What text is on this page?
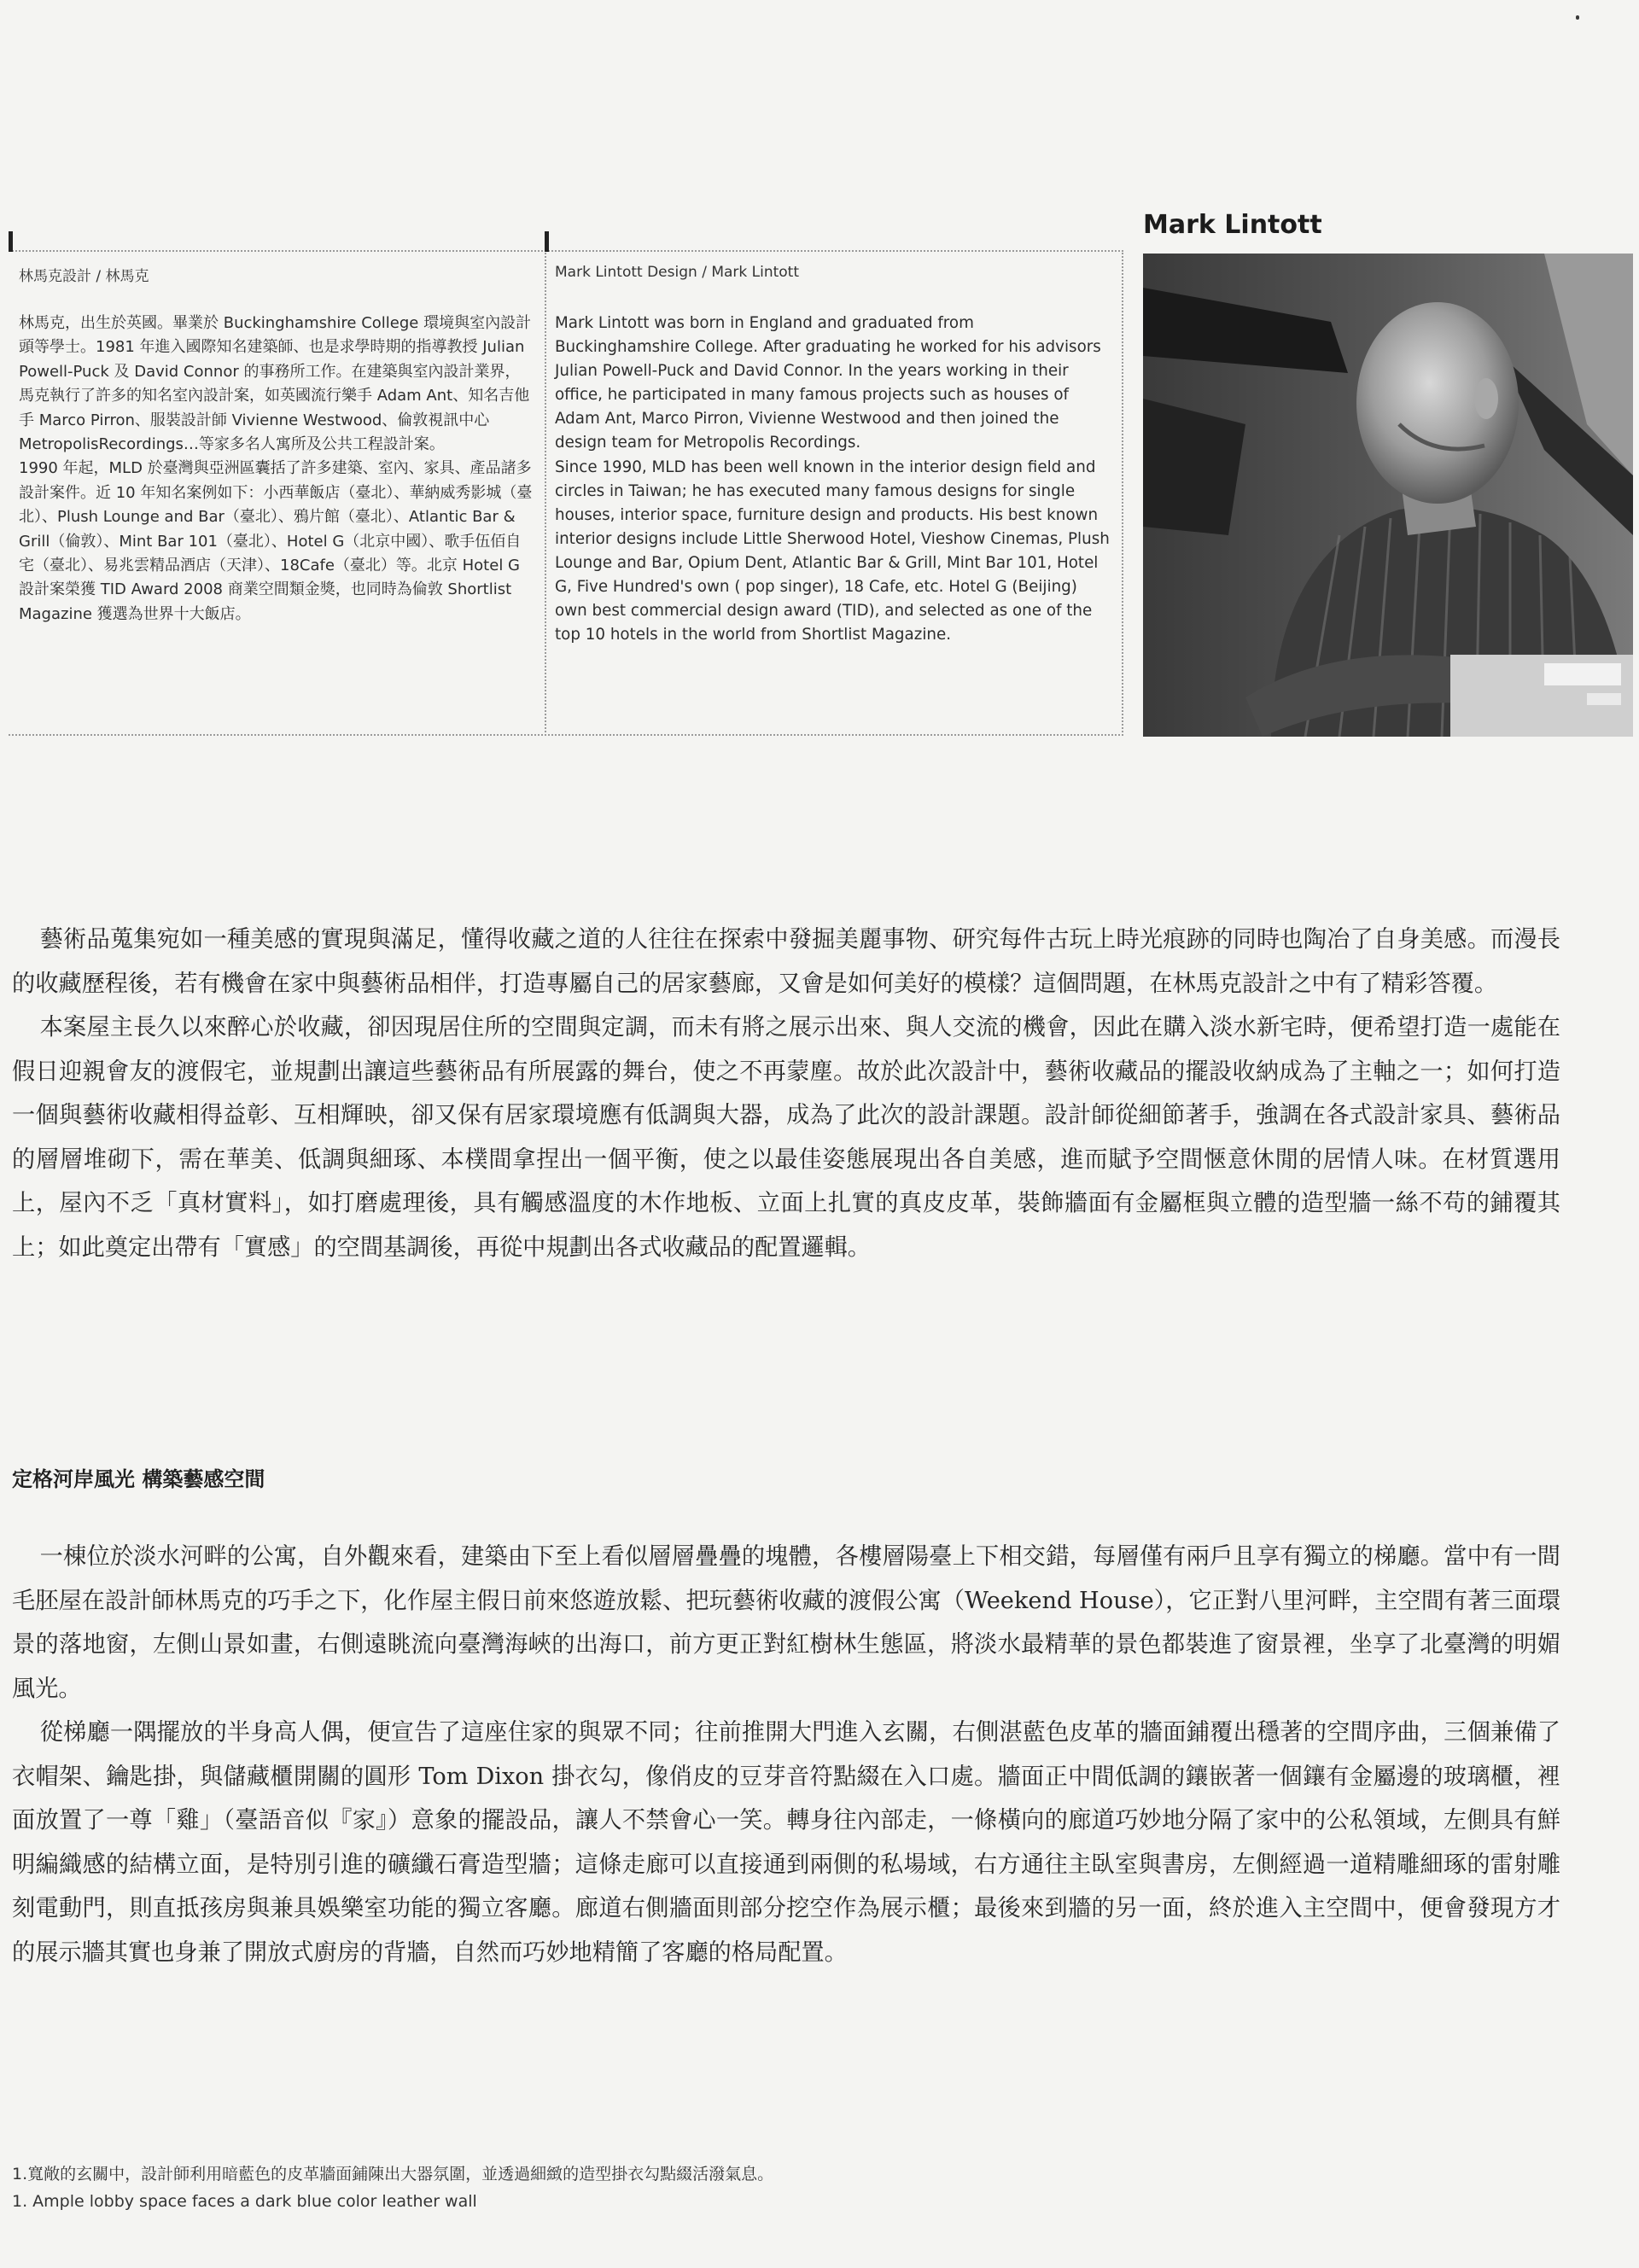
林馬克設計 / 林馬克

林馬克，出生於英國。畢業於 Buckinghamshire College 環境與室內設計頭等學士。1981 年進入國際知名建築師、也是求學時期的指導教授 Julian Powell-Puck 及 David Connor 的事務所工作。在建築與室內設計業界，馬克執行了許多的知名室內設計案，如英國流行樂手 Adam Ant、知名吉他手 Marco Pirron、服裝設計師 Vivienne Westwood、倫敦視訊中心 MetropolisRecordings…等家多名人寓所及公共工程設計案。

1990 年起，MLD 於臺灣與亞洲區囊括了許多建築、室內、家具、產品諸多設計案件。近 10 年知名案例如下：小西華飯店（臺北）、華納威秀影城（臺北）、Plush Lounge and Bar（臺北）、鴉片館（臺北）、Atlantic Bar & Grill（倫敦）、Mint Bar 101（臺北）、Hotel G（北京中國）、歌手伍佰自宅（臺北）、易兆雲精品酒店（天津）、18Cafe（臺北）等。北京 Hotel G 設計案榮獲 TID Award 2008 商業空間類金獎，也同時為倫敦 Shortlist Magazine 獲選為世界十大飯店。

Mark Lintott Design / Mark Lintott

Mark Lintott was born in England and graduated from Buckinghamshire College. After graduating he worked for his advisors Julian Powell-Puck and David Connor. In the years working in their office, he participated in many famous projects such as houses of Adam Ant, Marco Pirron, Vivienne Westwood and then joined the design team for Metropolis Recordings.

Since 1990, MLD has been well known in the interior design field and circles in Taiwan; he has executed many famous designs for single houses, interior space, furniture design and products. His best known interior designs include Little Sherwood Hotel, Vieshow Cinemas, Plush Lounge and Bar, Opium Dent, Atlantic Bar & Grill, Mint Bar 101, Hotel G, Five Hundred's own ( pop singer), 18 Cafe, etc. Hotel G (Beijing) own best commercial design award (TID), and selected as one of the top 10 hotels in the world from Shortlist Magazine.

Mark Lintott

藝術品蒐集宛如一種美感的實現與滿足，懂得收藏之道的人往往在探索中發掘美麗事物、研究每件古玩上時光痕跡的同時也陶冶了自身美感。而漫長的收藏歷程後，若有機會在家中與藝術品相伴，打造專屬自己的居家藝廊，又會是如何美好的模樣？這個問題，在林馬克設計之中有了精彩答覆。

本案屋主長久以來醉心於收藏，卻因現居住所的空間與定調，而未有將之展示出來、與人交流的機會，因此在購入淡水新宅時，便希望打造一處能在假日迎親會友的渡假宅，並規劃出讓這些藝術品有所展露的舞台，使之不再蒙塵。故於此次設計中，藝術收藏品的擺設收納成為了主軸之一；如何打造一個與藝術收藏相得益彰、互相輝映，卻又保有居家環境應有低調與大器，成為了此次的設計課題。設計師從細節著手，強調在各式設計家具、藝術品的層層堆砌下，需在華美、低調與細琢、本樸間拿捏出一個平衡，使之以最佳姿態展現出各自美感，進而賦予空間愜意休閒的居情人味。在材質選用上，屋內不乏「真材實料」，如打磨處理後，具有觸感溫度的木作地板、立面上扎實的真皮皮革，裝飾牆面有金屬框與立體的造型牆一絲不苟的鋪覆其上；如此奠定出帶有「實感」的空間基調後，再從中規劃出各式收藏品的配置邏輯。

定格河岸風光 構築藝感空間

一棟位於淡水河畔的公寓，自外觀來看，建築由下至上看似層層疊疊的塊體，各樓層陽臺上下相交錯，每層僅有兩戶且享有獨立的梯廳。當中有一間毛胚屋在設計師林馬克的巧手之下，化作屋主假日前來悠遊放鬆、把玩藝術收藏的渡假公寓（Weekend House），它正對八里河畔，主空間有著三面環景的落地窗，左側山景如畫，右側遠眺流向臺灣海峽的出海口，前方更正對紅樹林生態區，將淡水最精華的景色都裝進了窗景裡，坐享了北臺灣的明媚風光。

從梯廳一隅擺放的半身高人偶，便宣告了這座住家的與眾不同；往前推開大門進入玄關，右側湛藍色皮革的牆面鋪覆出穩著的空間序曲，三個兼備了衣帽架、鑰匙掛，與儲藏櫃開關的圓形 Tom Dixon 掛衣勾，像俏皮的豆芽音符點綴在入口處。牆面正中間低調的鑲嵌著一個鑲有金屬邊的玻璃櫃，裡面放置了一尊「雞」（臺語音似『家』）意象的擺設品，讓人不禁會心一笑。轉身往內部走，一條橫向的廊道巧妙地分隔了家中的公私領域，左側具有鮮明編織感的結構立面，是特別引進的礦纖石膏造型牆；這條走廊可以直接通到兩側的私場域，右方通往主臥室與書房，左側經過一道精雕細琢的雷射雕刻電動門，則直抵孩房與兼具娛樂室功能的獨立客廳。廊道右側牆面則部分挖空作為展示櫃；最後來到牆的另一面，終於進入主空間中，便會發現方才的展示牆其實也身兼了開放式廚房的背牆，自然而巧妙地精簡了客廳的格局配置。

1.寬敞的玄關中，設計師利用暗藍色的皮革牆面鋪陳出大器氛圍，並透過細緻的造型掛衣勾點綴活潑氣息。
1. Ample lobby space faces a dark blue color leather wall
